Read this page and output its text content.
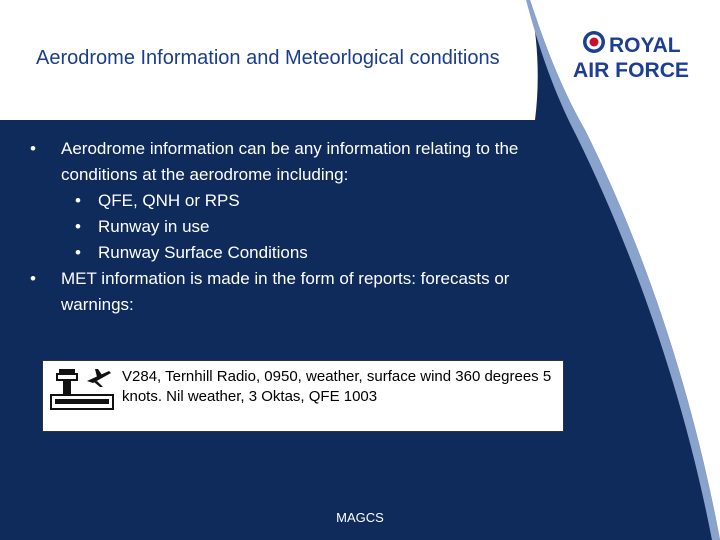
Aerodrome Information and Meteorlogical conditions
ROYAL
AIR FORCE
• Aerodrome information can be any information relating to the conditions at the aerodrome including:
• QFE, QNH or RPS
• Runway in use
• Runway Surface Conditions
• MET information is made in the form of reports: forecasts or warnings:
V284, Ternhill Radio, 0950, weather, surface wind 360 degrees 5 knots. Nil weather, 3 Oktas, QFE 1003
MAGCS
